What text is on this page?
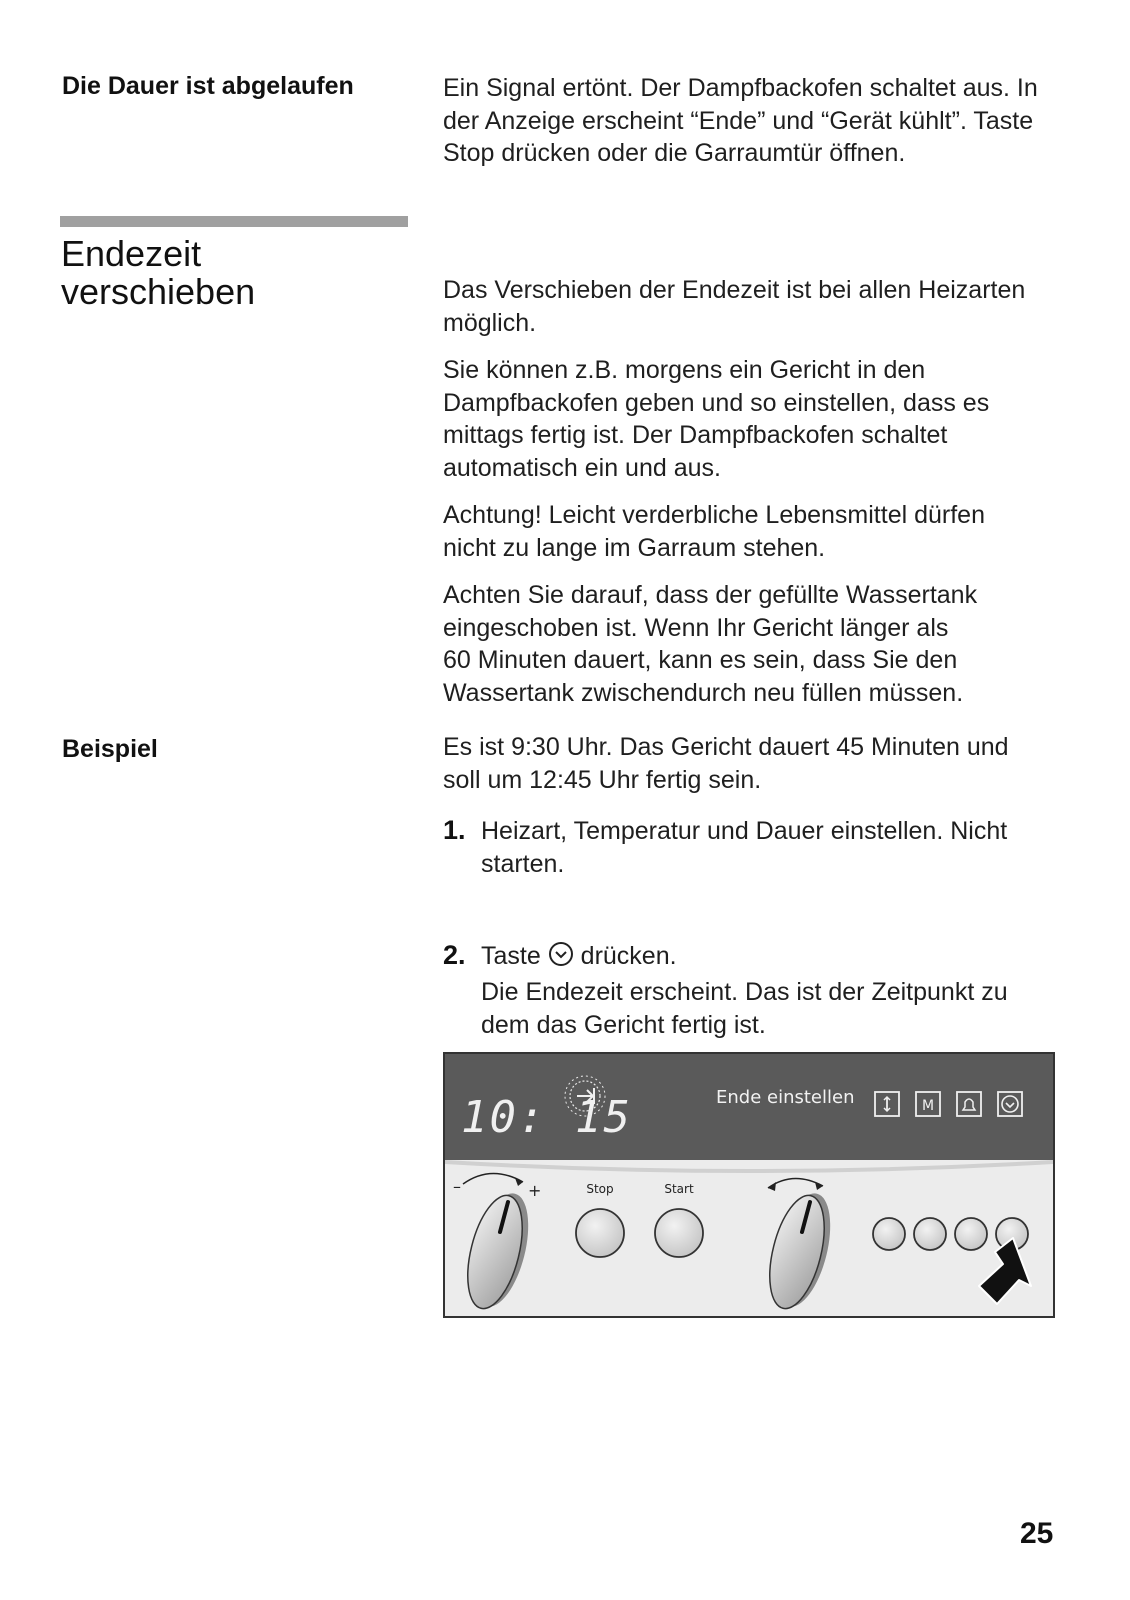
Die Dauer ist abgelaufen	Ein Signal ertönt. Der Dampfbackofen schaltet aus. In
der Anzeige erscheint “Ende” und “Gerät kühlt”. Taste
Stop drücken oder die Garraumtür öffnen.
Endezeit
verschieben	Das Verschieben der Endezeit ist bei allen Heizarten
möglich.
Sie können z.B. morgens ein Gericht in den
Dampfbackofen geben und so einstellen, dass es
mittags fertig ist. Der Dampfbackofen schaltet
automatisch ein und aus.
Achtung! Leicht verderbliche Lebensmittel dürfen
nicht zu lange im Garraum stehen.
Achten Sie darauf, dass der gefüllte Wassertank
eingeschoben ist. Wenn Ihr Gericht länger als
60 Minuten dauert, kann es sein, dass Sie den
Wassertank zwischendurch neu füllen müssen.
Beispiel	Es ist 9:30 Uhr. Das Gericht dauert 45 Minuten und
soll um 12:45 Uhr fertig sein.
1. Heizart, Temperatur und Dauer einstellen. Nicht
starten.
2. Taste drücken.
Die Endezeit erscheint. Das ist der Zeitpunkt zu
dem das Gericht fertig ist.
10: 15	Ende einstellen	M
–	+	Stop	Start
25
